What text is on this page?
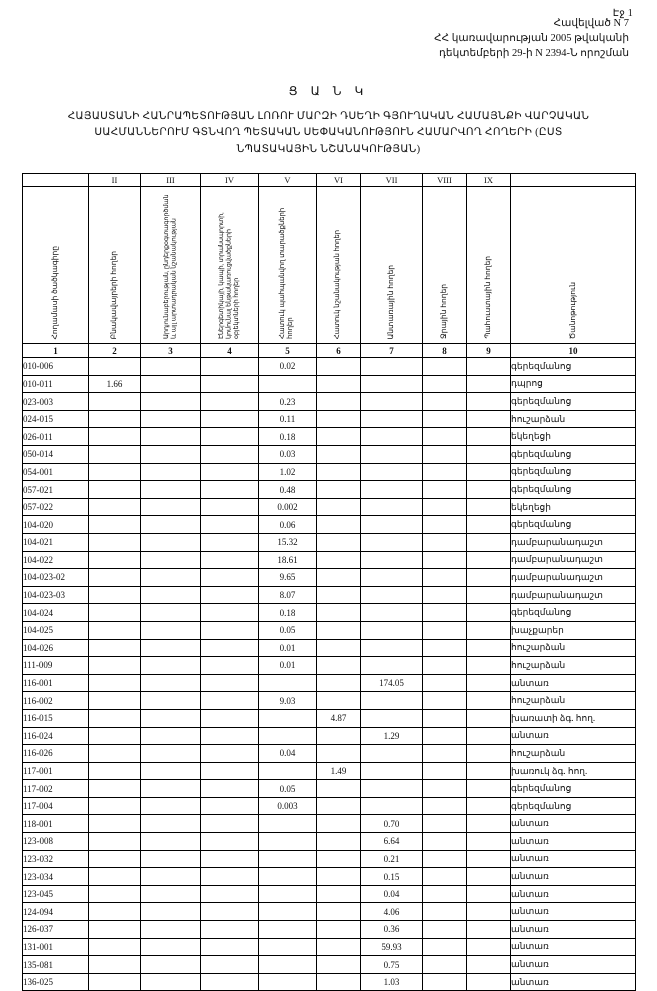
Էջ 1
Հավելված N 7
ՀՀ կառավարության 2005 թվականի
դեկտեմբերի 29-ի N 2394-Ն որոշման
Ց Ա Ն Կ
ՀԱՅԱՍՏԱՆԻ ՀԱՆՐԱՊԵՏՈՒԹՅԱՆ ԼՈՌՈՒ ՄԱՐԶԻ ԴՍԵՂԻ ԳՅՈՒՂԱԿԱՆ ՀԱՄԱՅՆՔԻ ՎԱՐՉԱԿԱՆ
ՍԱՀՄԱՆՆԵՐՈՒՄ ԳՏՆՎՈՂ ՊԵՏԱԿԱՆ ՍԵՓԱԿԱՆՈՒԹՅՈՒՆ ՀԱՄԱՐՎՈՂ ՀՈՂԵՐԻ (ԸՍՏ
ՆՊԱՏԱԿԱՅԻՆ ՆՇԱՆԱԿՈՒԹՅԱՆ)
	II	III	IV	V	VI	VII	VIII	IX	
Հողամասի ծածկագիրը	Բնակավայրերի հողեր	Արդյունաբերության, ընդերքօգտագործման և այլ արտադրական նշանակության	Էներգետիկայի, կապի, տրանսպորտի, կոմունալ ենթակառուցվածքների օբյեկտների հողեր	Հատուկ պահպանվող տարածքների հողեր	Հատուկ նշանակության հողեր	Անտառային հողեր	Ջրային հողեր	Պահուստային հողեր	Ծանոթություն
1	2	3	4	5	6	7	8	9	10
010-006				0.02					գերեզմանոց
010-011	1.66								դպրոց
023-003				0.23					գերեզմանոց
024-015				0.11					հուշարձան
026-011				0.18					եկեղեցի
050-014				0.03					գերեզմանոց
054-001				1.02					գերեզմանոց
057-021				0.48					գերեզմանոց
057-022				0.002					եկեղեցի
104-020				0.06					գերեզմանոց
104-021				15.32					դամբարանադաշտ
104-022				18.61					դամբարանադաշտ
104-023-02				9.65					դամբարանադաշտ
104-023-03				8.07					դամբարանադաշտ
104-024				0.18					գերեզմանոց
104-025				0.05					խաչքարեր
104-026				0.01					հուշարձան
111-009				0.01					հուշարձան
116-001						174.05			անտառ
116-002				9.03					հուշարձան
116-015					4.87				խառատի ձգ. հող.
116-024						1.29			անտառ
116-026				0.04					հուշարձան
117-001					1.49				խառուկ ձգ. հող.
117-002				0.05					գերեզմանոց
117-004				0.003					գերեզմանոց
118-001						0.70			անտառ
123-008						6.64			անտառ
123-032						0.21			անտառ
123-034						0.15			անտառ
123-045						0.04			անտառ
124-094						4.06			անտառ
126-037						0.36			անտառ
131-001						59.93			անտառ
135-081						0.75			անտառ
136-025						1.03			անտառ
